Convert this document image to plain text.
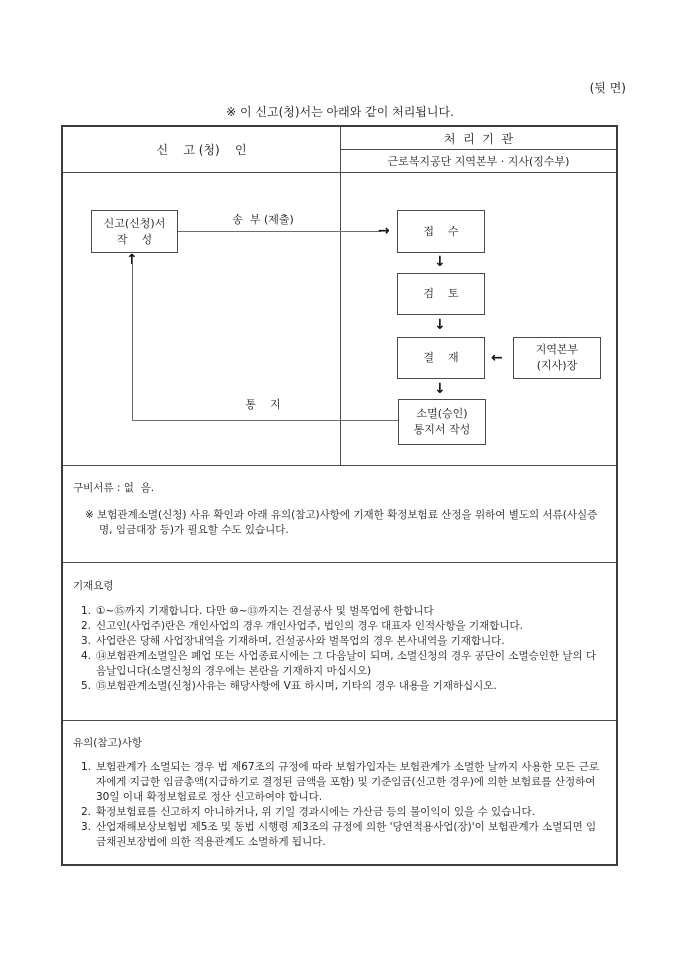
(뒷 면)
※ 이 신고(청)서는 아래와 같이 처리됩니다.
신    고 (청)    인
처  리  기  관
근로복지공단 지역본부 · 지사(징수부)
신고(신청)서
작    성
송  부 (제출)
→	접    수
↓
검    토
↓
결    재 ←
지역본부
(지사)장
↓
소멸(승인)
통지서 작성
통    지
↑
구비서류 : 없  음.
※ 보험관계소멸(신청) 사유 확인과 아래 유의(참고)사항에 기재한 확정보험료 산정을 위하여 별도의 서류(사실증명, 임금대장 등)가 필요할 수도 있습니다.
기재요령
1. ①~⑮까지 기재합니다. 다만 ⑩~⑬까지는 건설공사 및 벌목업에 한합니다
2. 신고인(사업주)란은 개인사업의 경우 개인사업주, 법인의 경우 대표자 인적사항을 기재합니다.
3. 사업란은 당해 사업장내역을 기재하며, 건설공사와 벌목업의 경우 본사내역을 기재합니다.
4. ⑭보험관계소멸일은 폐업 또는 사업종료시에는 그 다음날이 되며, 소멸신청의 경우 공단이 소멸승인한 날의 다음날입니다(소멸신청의 경우에는 본란을 기재하지 마십시오)
5. ⑮보험관계소멸(신청)사유는 해당사항에 V표 하시며, 기타의 경우 내용을 기재하십시오.
유의(참고)사항
1. 보험관계가 소멸되는 경우 법 제67조의 규정에 따라 보험가입자는 보험관계가 소멸한 날까지 사용한 모든 근로자에게 지급한 임금총액(지급하기로 결정된 금액을 포함) 및 기준임금(신고한 경우)에 의한 보험료를 산정하여 30일 이내 확정보험료로 정산 신고하여야 합니다.
2. 확정보험료를 신고하지 아니하거나, 위 기일 경과시에는 가산금 등의 불이익이 있을 수 있습니다.
3. 산업재해보상보험법 제5조 및 동법 시행령 제3조의 규정에 의한 '당연적용사업(장)'이 보험관계가 소멸되면 임금채권보장법에 의한 적용관계도 소멸하게 됩니다.
